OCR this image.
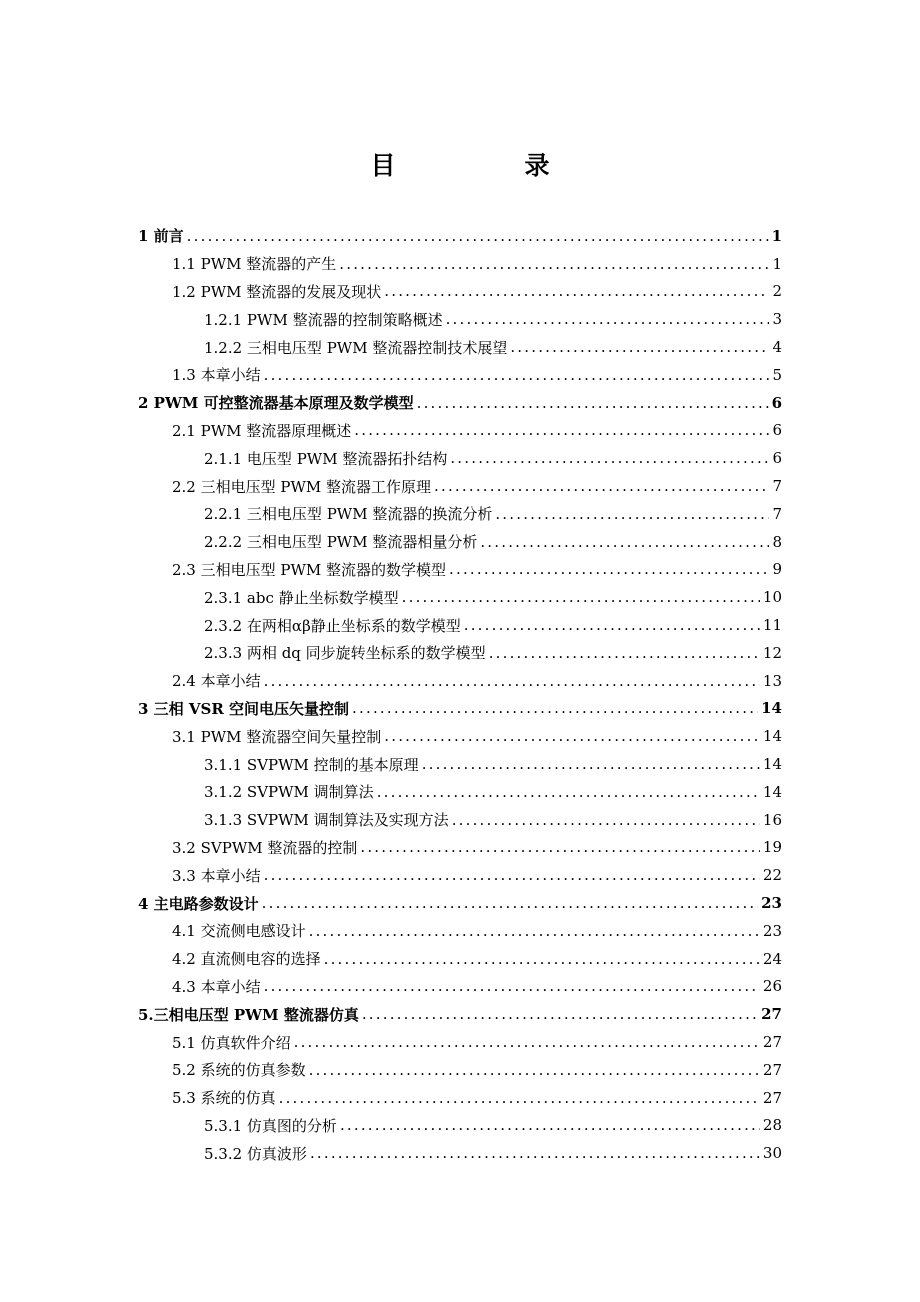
目　录
1 前言 .....	1
1.1 PWM 整流器的产生 .....	1
1.2 PWM 整流器的发展及现状 .....	2
1.2.1 PWM 整流器的控制策略概述 .....	3
1.2.2 三相电压型 PWM 整流器控制技术展望 .....	4
1.3 本章小结 .....	5
2 PWM 可控整流器基本原理及数学模型 .....	6
2.1 PWM 整流器原理概述 .....	6
2.1.1 电压型 PWM 整流器拓扑结构 .....	6
2.2 三相电压型 PWM 整流器工作原理 .....	7
2.2.1 三相电压型 PWM 整流器的换流分析 .....	7
2.2.2 三相电压型 PWM 整流器相量分析 .....	8
2.3 三相电压型 PWM 整流器的数学模型 .....	9
2.3.1 abc 静止坐标数学模型 .....	10
2.3.2 在两相αβ静止坐标系的数学模型 .....	11
2.3.3 两相 dq 同步旋转坐标系的数学模型 .....	12
2.4 本章小结 .....	13
3 三相 VSR 空间电压矢量控制 .....	14
3.1 PWM 整流器空间矢量控制 .....	14
3.1.1 SVPWM 控制的基本原理 .....	14
3.1.2 SVPWM 调制算法 .....	14
3.1.3 SVPWM 调制算法及实现方法 .....	16
3.2 SVPWM 整流器的控制 .....	19
3.3 本章小结 .....	22
4 主电路参数设计 .....	23
4.1 交流侧电感设计 .....	23
4.2 直流侧电容的选择 .....	24
4.3 本章小结 .....	26
5.三相电压型 PWM 整流器仿真 .....	27
5.1 仿真软件介绍 .....	27
5.2 系统的仿真参数 .....	27
5.3 系统的仿真 .....	27
5.3.1 仿真图的分析 .....	28
5.3.2 仿真波形 .....	30
